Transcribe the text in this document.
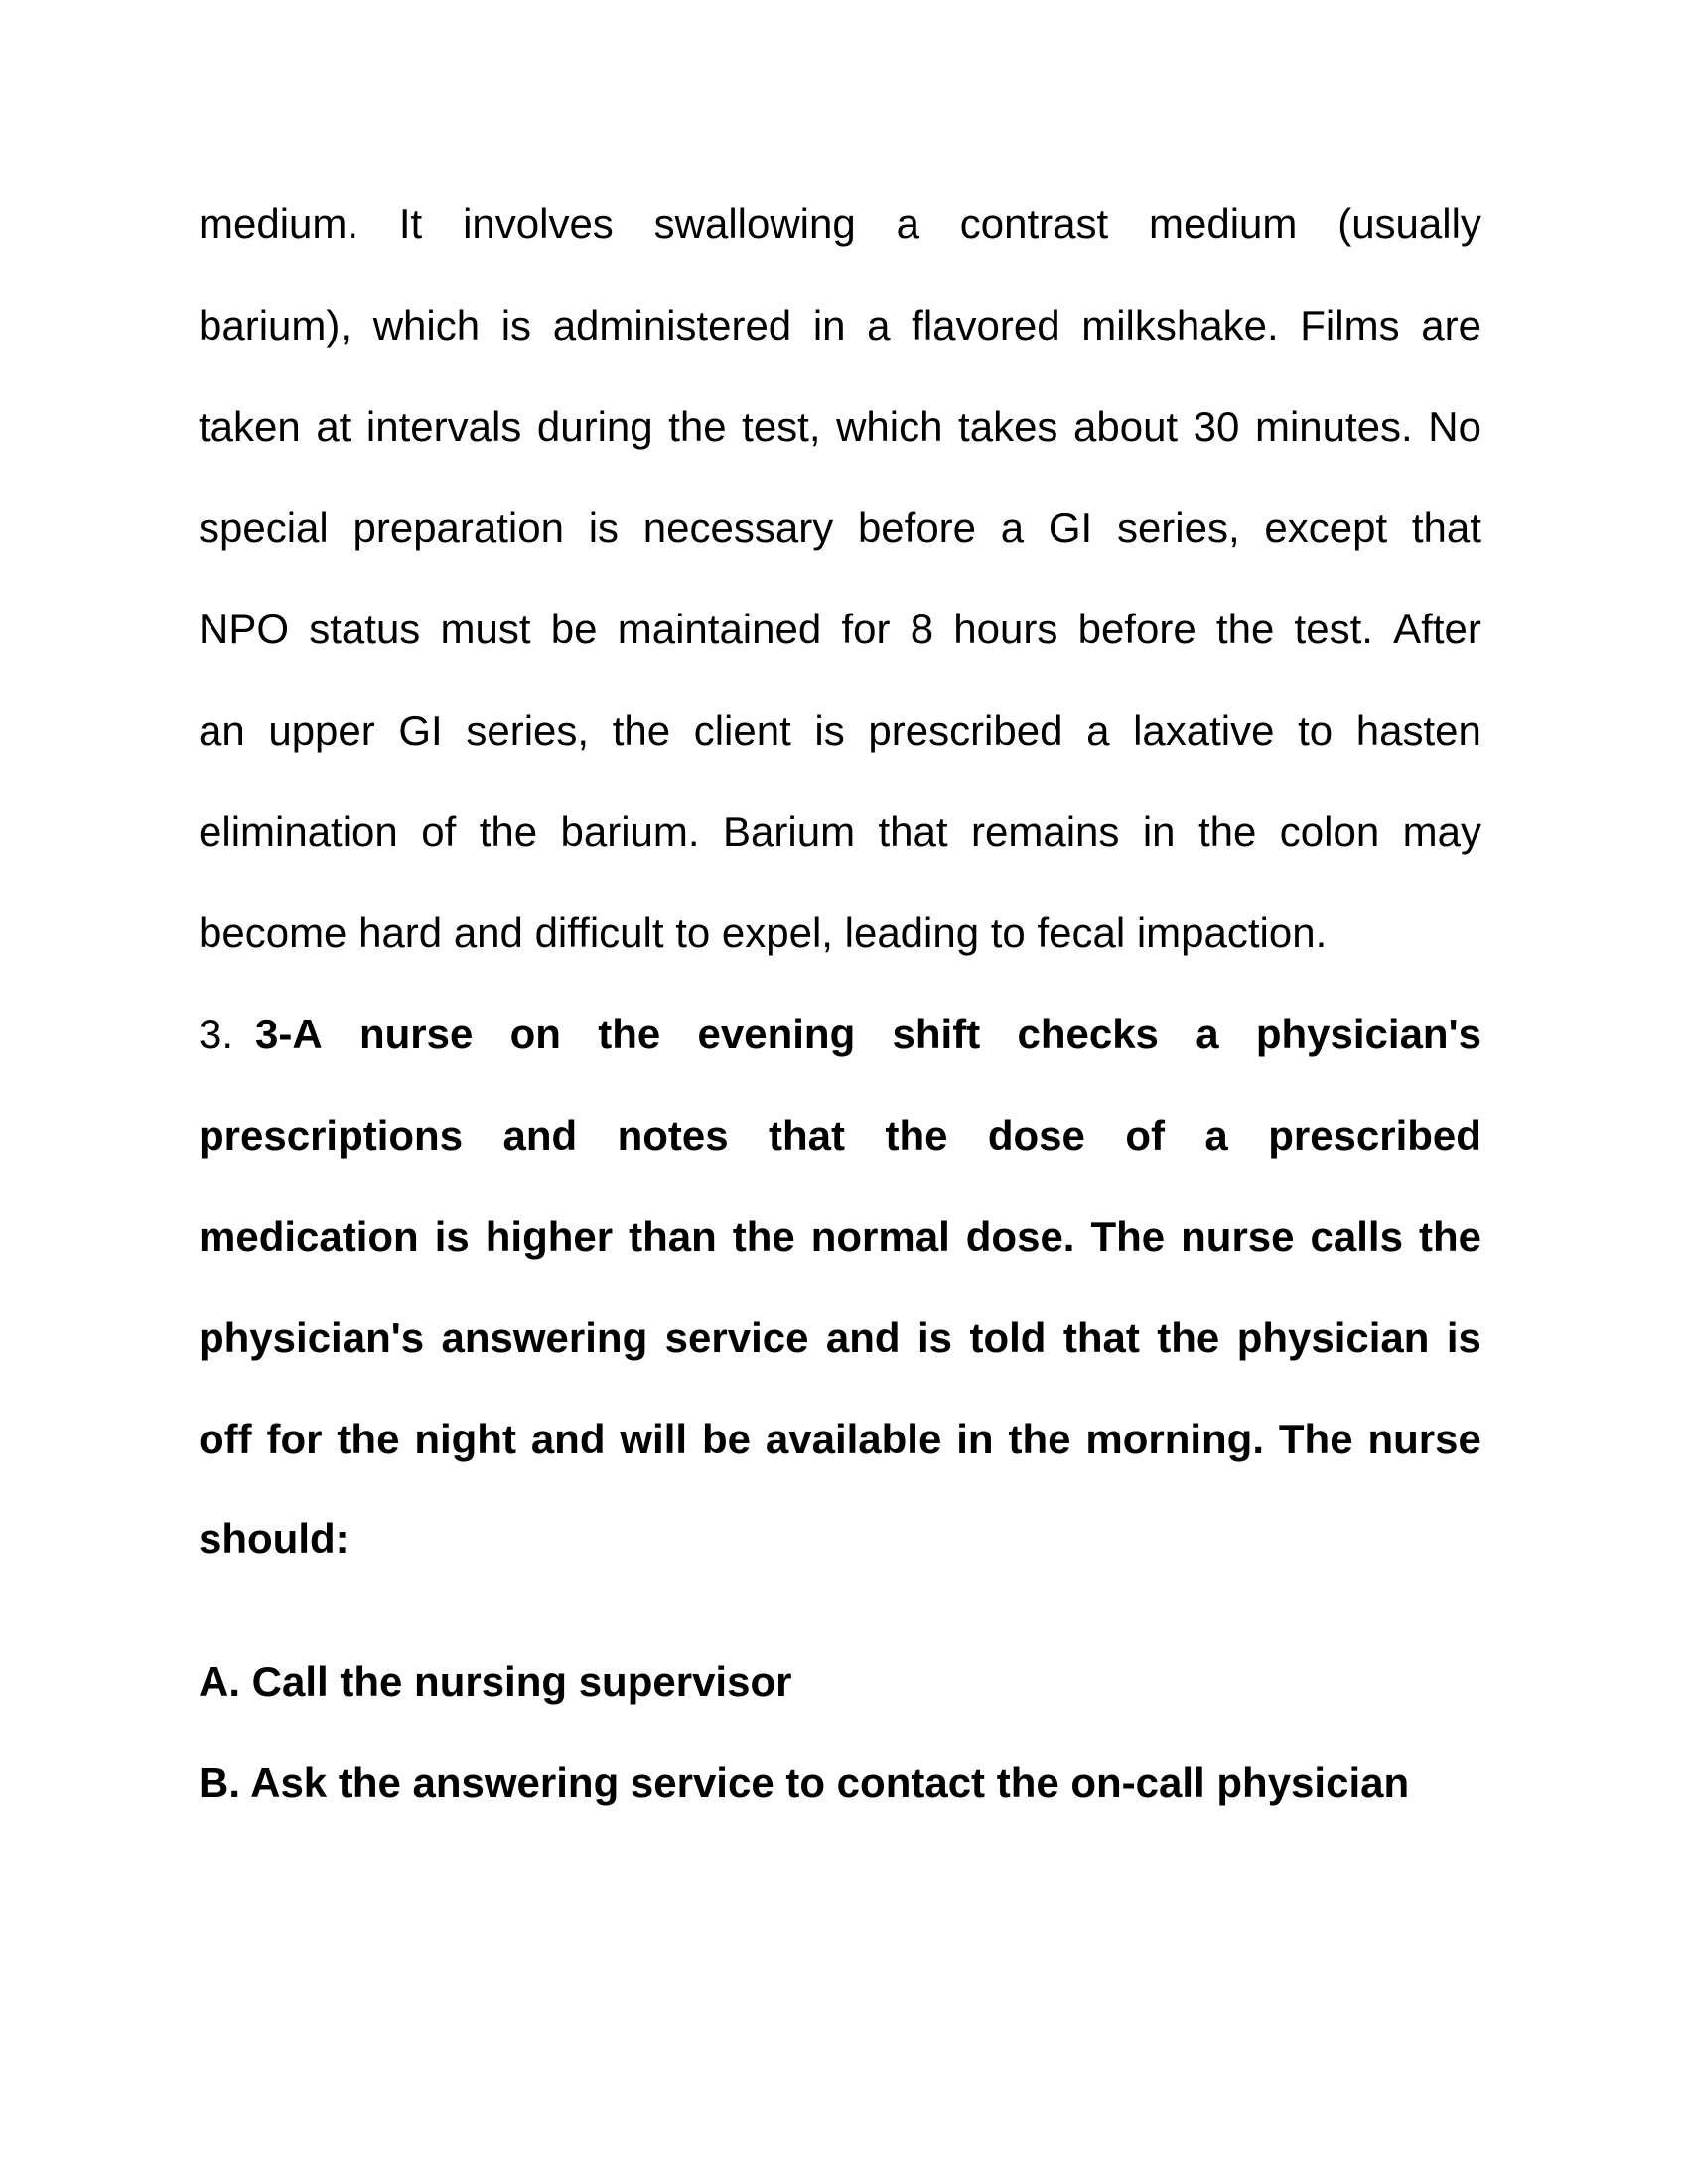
medium. It involves swallowing a contrast medium (usually
barium), which is administered in a flavored milkshake. Films are
taken at intervals during the test, which takes about 30 minutes. No
special preparation is necessary before a GI series, except that
NPO status must be maintained for 8 hours before the test. After
an upper GI series, the client is prescribed a laxative to hasten
elimination of the barium. Barium that remains in the colon may
become hard and difficult to expel, leading to fecal impaction.
3. 3-A nurse on the evening shift checks a physician's
prescriptions and notes that the dose of a prescribed
medication is higher than the normal dose. The nurse calls the
physician's answering service and is told that the physician is
off for the night and will be available in the morning. The nurse
should:
A. Call the nursing supervisor
B. Ask the answering service to contact the on-call physician
